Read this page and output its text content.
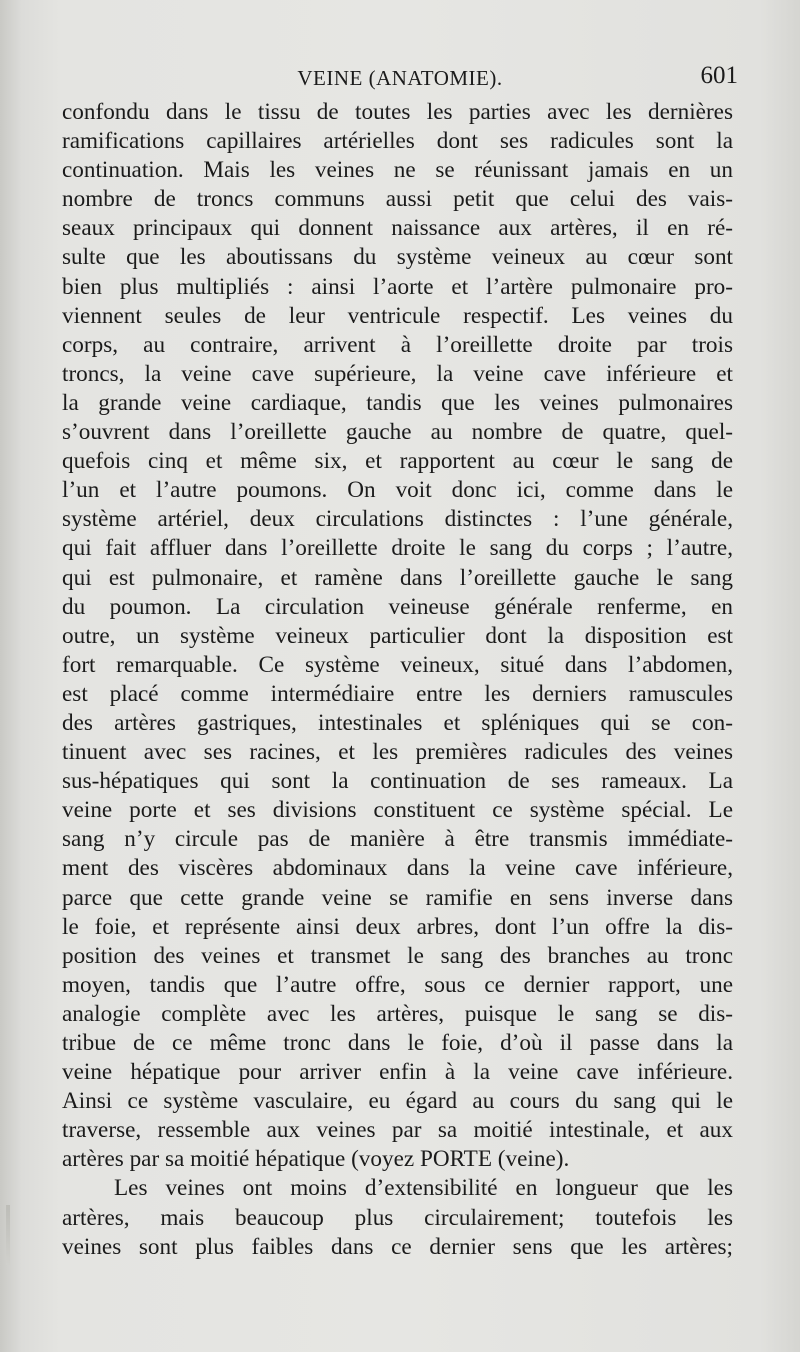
VEINE (ANATOMIE).	601

confondu dans le tissu de toutes les parties avec les dernières
ramifications capillaires artérielles dont ses radicules sont la
continuation. Mais les veines ne se réunissant jamais en un
nombre de troncs communs aussi petit que celui des vais-
seaux principaux qui donnent naissance aux artères, il en ré-
sulte que les aboutissans du système veineux au cœur sont
bien plus multipliés : ainsi l’aorte et l’artère pulmonaire pro-
viennent seules de leur ventricule respectif. Les veines du
corps, au contraire, arrivent à l’oreillette droite par trois
troncs, la veine cave supérieure, la veine cave inférieure et
la grande veine cardiaque, tandis que les veines pulmonaires
s’ouvrent dans l’oreillette gauche au nombre de quatre, quel-
quefois cinq et même six, et rapportent au cœur le sang de
l’un et l’autre poumons. On voit donc ici, comme dans le
système artériel, deux circulations distinctes : l’une générale,
qui fait affluer dans l’oreillette droite le sang du corps ; l’autre,
qui est pulmonaire, et ramène dans l’oreillette gauche le sang
du poumon. La circulation veineuse générale renferme, en
outre, un système veineux particulier dont la disposition est
fort remarquable. Ce système veineux, situé dans l’abdomen,
est placé comme intermédiaire entre les derniers ramuscules
des artères gastriques, intestinales et spléniques qui se con-
tinuent avec ses racines, et les premières radicules des veines
sus-hépatiques qui sont la continuation de ses rameaux. La
veine porte et ses divisions constituent ce système spécial. Le
sang n’y circule pas de manière à être transmis immédiate-
ment des viscères abdominaux dans la veine cave inférieure,
parce que cette grande veine se ramifie en sens inverse dans
le foie, et représente ainsi deux arbres, dont l’un offre la dis-
position des veines et transmet le sang des branches au tronc
moyen, tandis que l’autre offre, sous ce dernier rapport, une
analogie complète avec les artères, puisque le sang se dis-
tribue de ce même tronc dans le foie, d’où il passe dans la
veine hépatique pour arriver enfin à la veine cave inférieure.
Ainsi ce système vasculaire, eu égard au cours du sang qui le
traverse, ressemble aux veines par sa moitié intestinale, et aux
artères par sa moitié hépatique (voyez PORTE (veine).

Les veines ont moins d’extensibilité en longueur que les
artères, mais beaucoup plus circulairement; toutefois les
veines sont plus faibles dans ce dernier sens que les artères;
